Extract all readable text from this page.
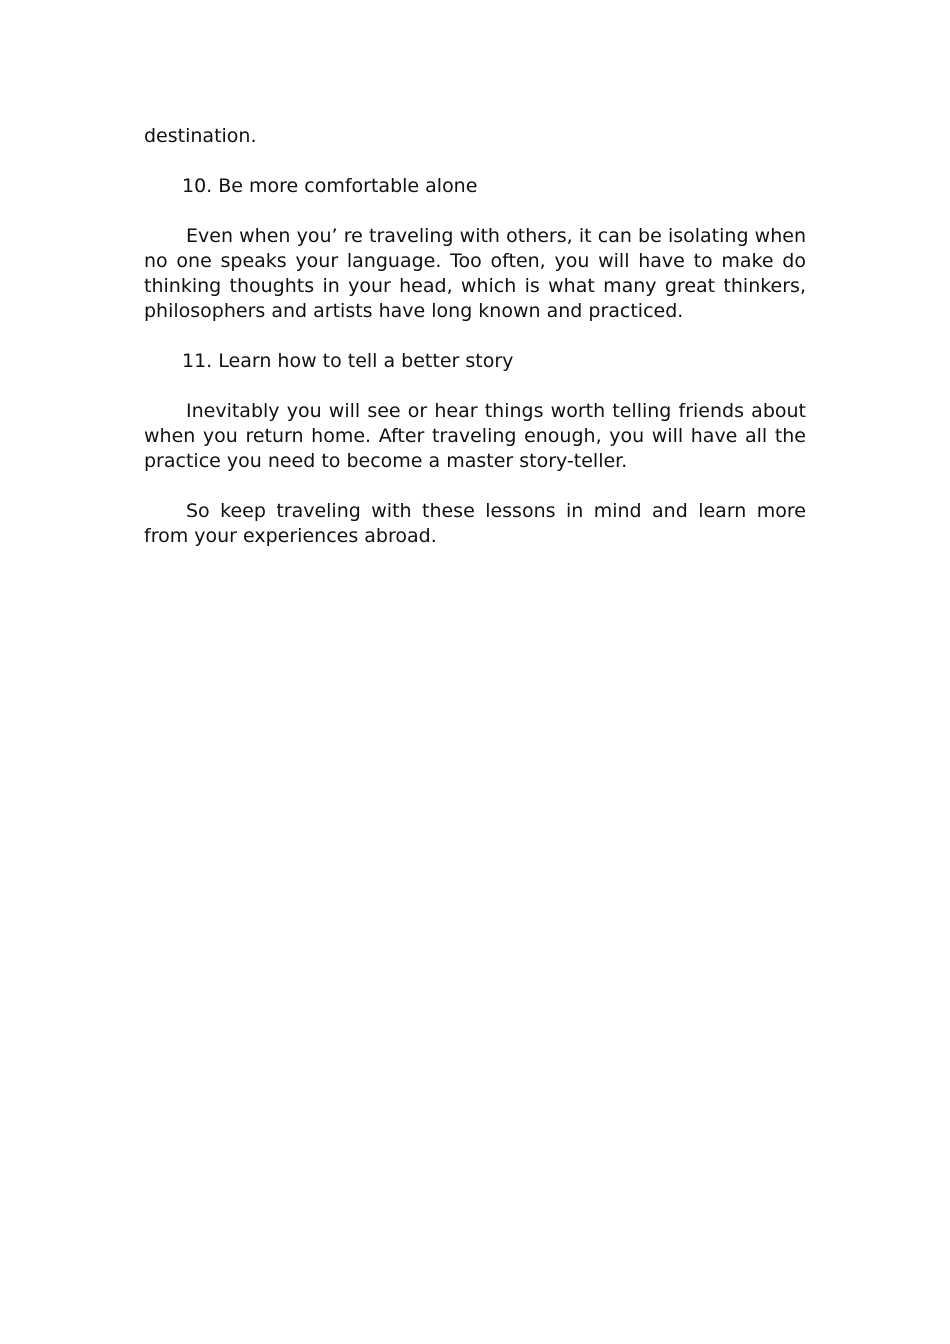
destination.

10. Be more comfortable alone

Even when you’ re traveling with others, it can be isolating when no one speaks your language. Too often, you will have to make do thinking thoughts in your head, which is what many great thinkers, philosophers and artists have long known and practiced.

11. Learn how to tell a better story

Inevitably you will see or hear things worth telling friends about when you return home. After traveling enough, you will have all the practice you need to become a master story-teller.

So keep traveling with these lessons in mind and learn more from your experiences abroad.
